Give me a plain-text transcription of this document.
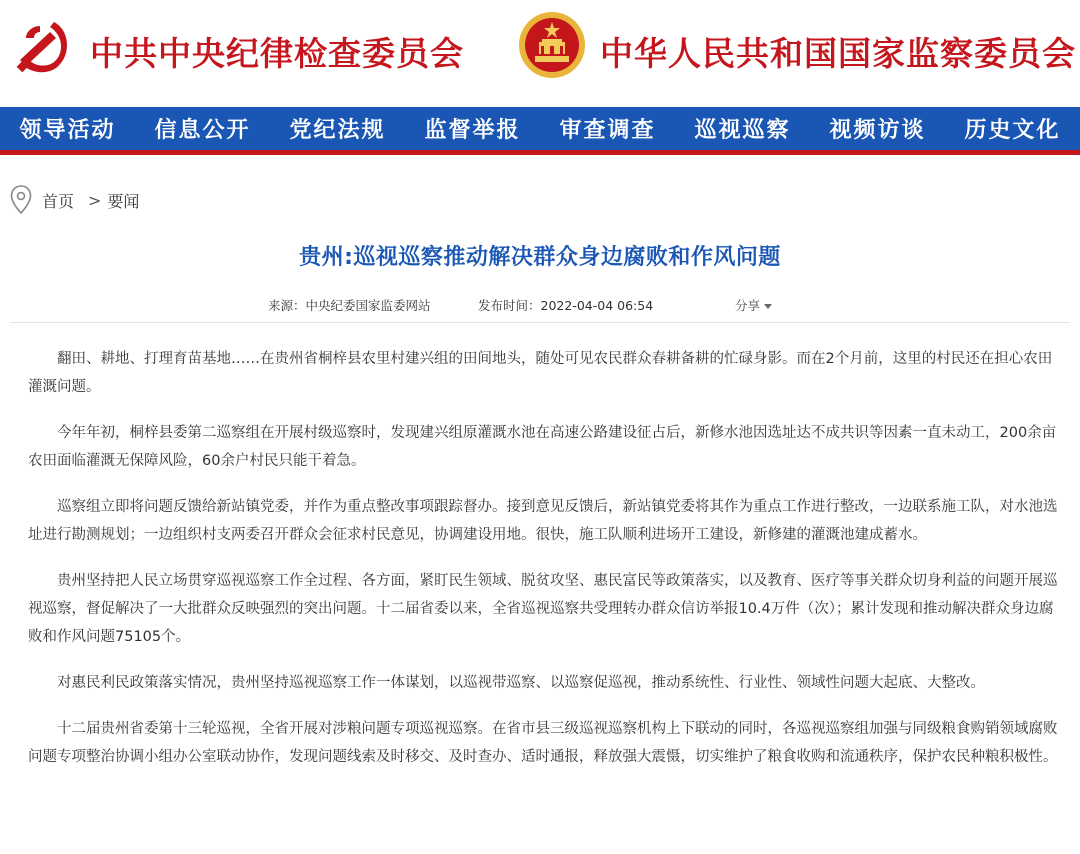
中共中央纪律检查委员会	中华人民共和国国家监察委员会
领导活动	信息公开	党纪法规	监督举报	审查调查	巡视巡察	视频访谈	历史文化
首页 > 要闻
贵州:巡视巡察推动解决群众身边腐败和作风问题
来源：中央纪委国家监委网站	发布时间：2022-04-04 06:54	分享

翻田、耕地、打理育苗基地……在贵州省桐梓县农里村建兴组的田间地头，随处可见农民群众春耕备耕的忙碌身影。而在2个月前，这里的村民还在担心农田灌溉问题。

今年年初，桐梓县委第二巡察组在开展村级巡察时，发现建兴组原灌溉水池在高速公路建设征占后，新修水池因选址达不成共识等因素一直未动工，200余亩农田面临灌溉无保障风险，60余户村民只能干着急。

巡察组立即将问题反馈给新站镇党委，并作为重点整改事项跟踪督办。接到意见反馈后，新站镇党委将其作为重点工作进行整改，一边联系施工队，对水池选址进行勘测规划；一边组织村支两委召开群众会征求村民意见，协调建设用地。很快，施工队顺利进场开工建设，新修建的灌溉池建成蓄水。

贵州坚持把人民立场贯穿巡视巡察工作全过程、各方面，紧盯民生领域、脱贫攻坚、惠民富民等政策落实，以及教育、医疗等事关群众切身利益的问题开展巡视巡察，督促解决了一大批群众反映强烈的突出问题。十二届省委以来，全省巡视巡察共受理转办群众信访举报10.4万件（次）；累计发现和推动解决群众身边腐败和作风问题75105个。

对惠民利民政策落实情况，贵州坚持巡视巡察工作一体谋划，以巡视带巡察、以巡察促巡视，推动系统性、行业性、领域性问题大起底、大整改。

十二届贵州省委第十三轮巡视，全省开展对涉粮问题专项巡视巡察。在省市县三级巡视巡察机构上下联动的同时，各巡视巡察组加强与同级粮食购销领域腐败问题专项整治协调小组办公室联动协作，发现问题线索及时移交、及时查办、适时通报，释放强大震慑，切实维护了粮食收购和流通秩序，保护农民种粮积极性。
